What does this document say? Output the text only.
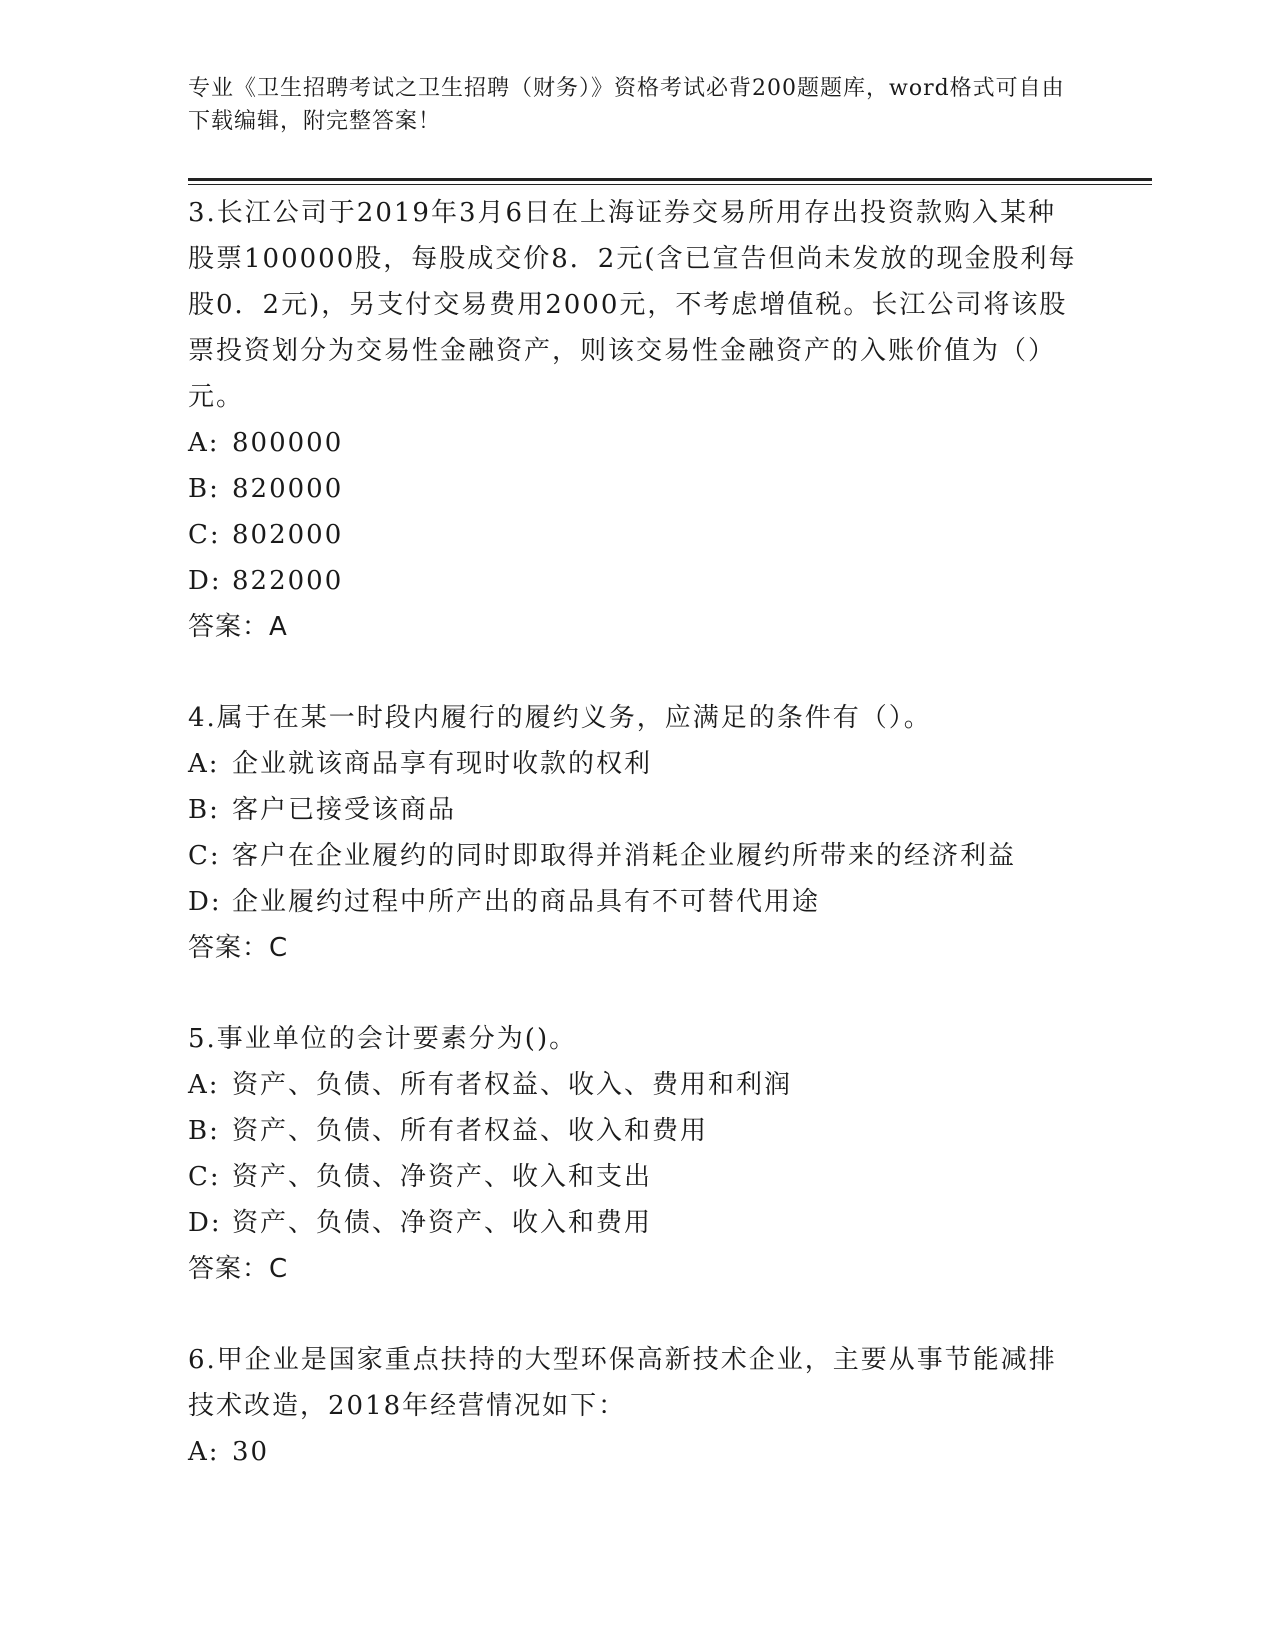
专业《卫生招聘考试之卫生招聘（财务）》资格考试必背200题题库，word格式可自由下载编辑，附完整答案！
3.长江公司于2019年3月6日在上海证券交易所用存出投资款购入某种股票100000股，每股成交价8．2元(含已宣告但尚未发放的现金股利每股0．2元)，另支付交易费用2000元，不考虑增值税。长江公司将该股票投资划分为交易性金融资产，则该交易性金融资产的入账价值为（）元。
A: 800000
B: 820000
C: 802000
D: 822000
答案：A
4.属于在某一时段内履行的履约义务，应满足的条件有（）。
A: 企业就该商品享有现时收款的权利
B: 客户已接受该商品
C: 客户在企业履约的同时即取得并消耗企业履约所带来的经济利益
D: 企业履约过程中所产出的商品具有不可替代用途
答案：C
5.事业单位的会计要素分为()。
A: 资产、负债、所有者权益、收入、费用和利润
B: 资产、负债、所有者权益、收入和费用
C: 资产、负债、净资产、收入和支出
D: 资产、负债、净资产、收入和费用
答案：C
6.甲企业是国家重点扶持的大型环保高新技术企业，主要从事节能减排技术改造，2018年经营情况如下：
A: 30
